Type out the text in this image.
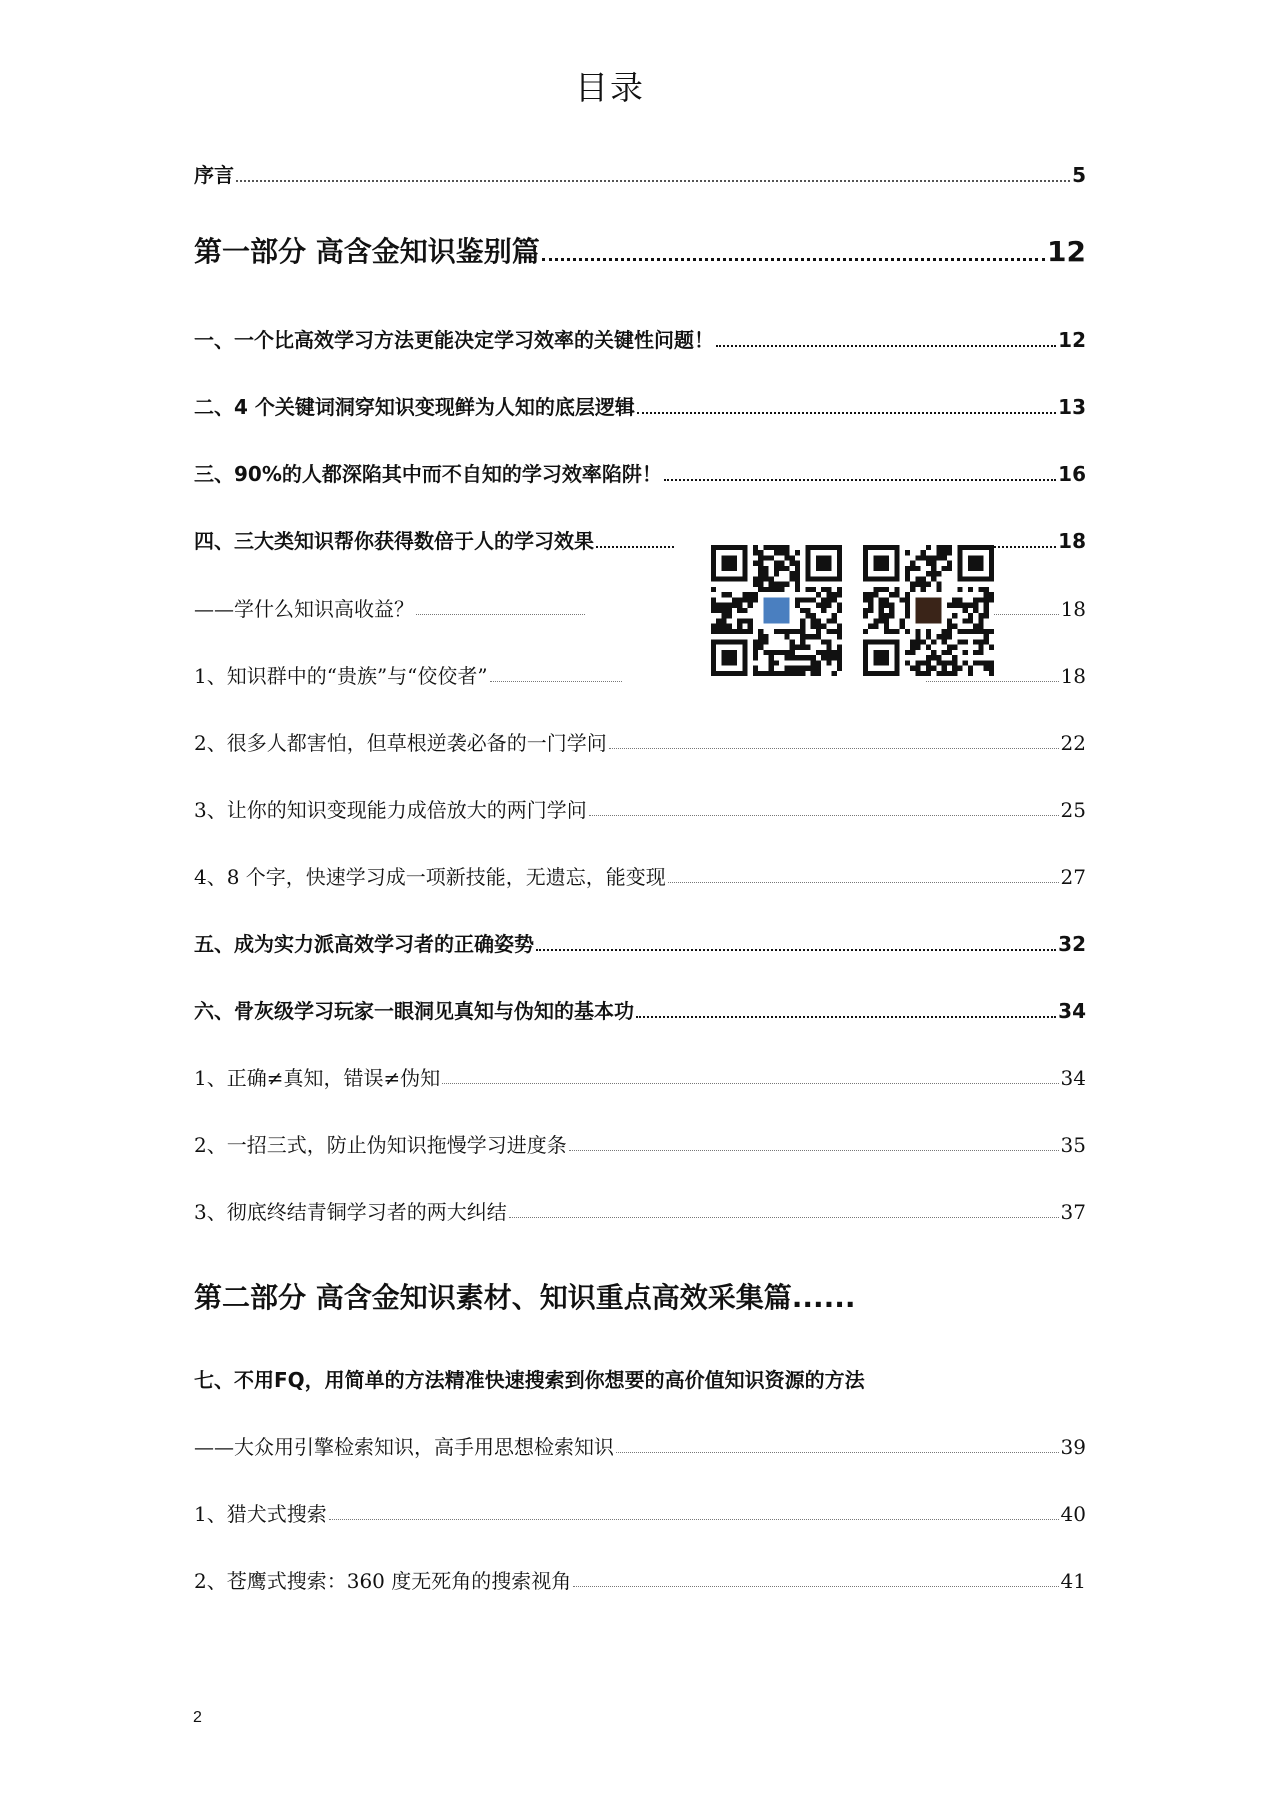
目录
序言	5
第一部分 高含金知识鉴别篇	12
一、一个比高效学习方法更能决定学习效率的关键性问题！	12
二、4 个关键词洞穿知识变现鲜为人知的底层逻辑	13
三、90%的人都深陷其中而不自知的学习效率陷阱！	16
四、三大类知识帮你获得数倍于人的学习效果	18
——学什么知识高收益？	18
1、知识群中的“贵族”与“佼佼者”	18
2、很多人都害怕，但草根逆袭必备的一门学问	22
3、让你的知识变现能力成倍放大的两门学问	25
4、8 个字，快速学习成一项新技能，无遗忘，能变现	27
五、成为实力派高效学习者的正确姿势	32
六、骨灰级学习玩家一眼洞见真知与伪知的基本功	34
1、正确≠真知，错误≠伪知	34
2、一招三式，防止伪知识拖慢学习进度条	35
3、彻底终结青铜学习者的两大纠结	37
第二部分 高含金知识素材、知识重点高效采集篇......
七、不用FQ，用简单的方法精准快速搜索到你想要的高价值知识资源的方法
——大众用引擎检索知识，高手用思想检索知识	39
1、猎犬式搜索	40
2、苍鹰式搜索：360 度无死角的搜索视角	41
2
